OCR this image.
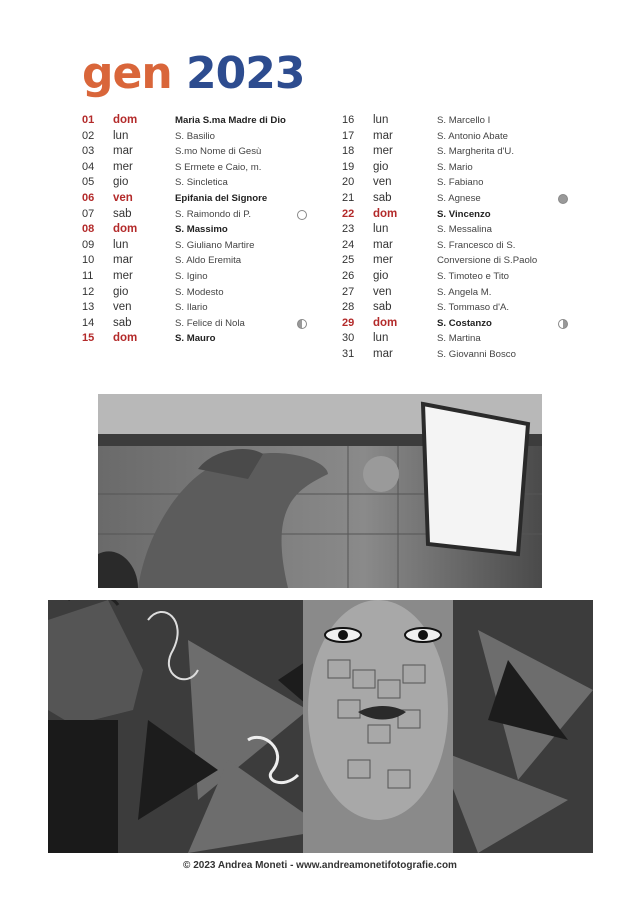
gen 2023
01	dom	Maria S.ma Madre di Dio
02	lun	S. Basilio
03	mar	S.mo Nome di Gesù
04	mer	S Ermete e Caio, m.
05	gio	S. Sincletica
06	ven	Epifania del Signore
07	sab	S. Raimondo di P.
08	dom	S. Massimo
09	lun	S. Giuliano Martire
10	mar	S. Aldo Eremita
11	mer	S. Igino
12	gio	S. Modesto
13	ven	S. Ilario
14	sab	S. Felice di Nola
15	dom	S. Mauro
16	lun	S. Marcello I
17	mar	S. Antonio Abate
18	mer	S. Margherita d'U.
19	gio	S. Mario
20	ven	S. Fabiano
21	sab	S. Agnese
22	dom	S. Vincenzo
23	lun	S. Messalina
24	mar	S. Francesco di S.
25	mer	Conversione di S.Paolo
26	gio	S. Timoteo e Tito
27	ven	S. Angela M.
28	sab	S. Tommaso d'A.
29	dom	S. Costanzo
30	lun	S. Martina
31	mar	S. Giovanni Bosco
© 2023 Andrea Moneti - www.andreamonetifotografie.com
